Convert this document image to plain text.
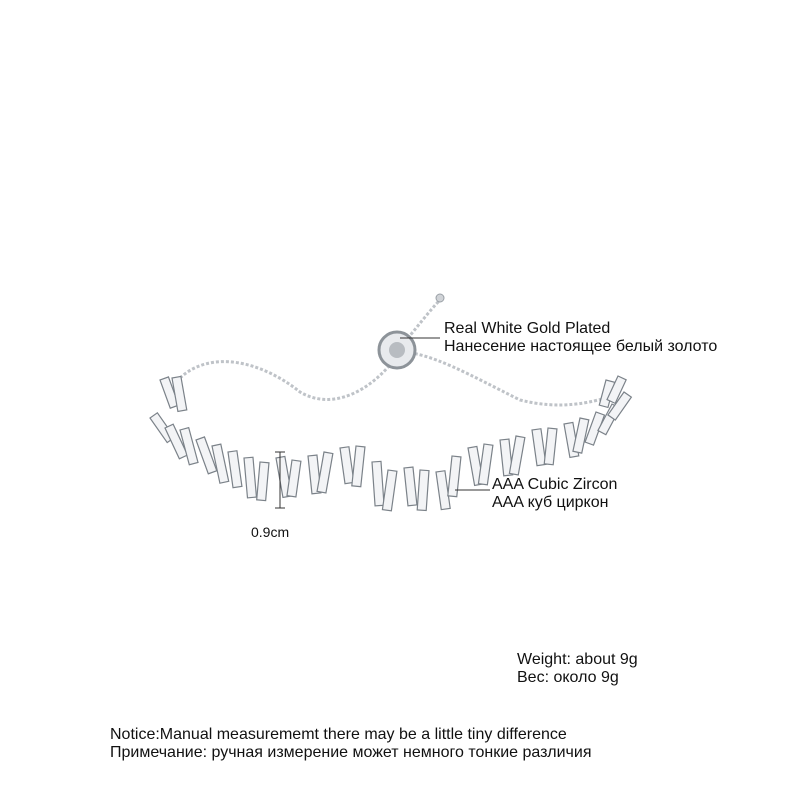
Real White Gold Plated
Нанесение настоящее белый золото
AAA Cubic Zircon
AAA куб циркон
0.9cm
Weight: about 9g
Вес: около 9g
Notice:Manual measurememt there may be a little tiny difference
Примечание: ручная измерение может немного тонкие различия
